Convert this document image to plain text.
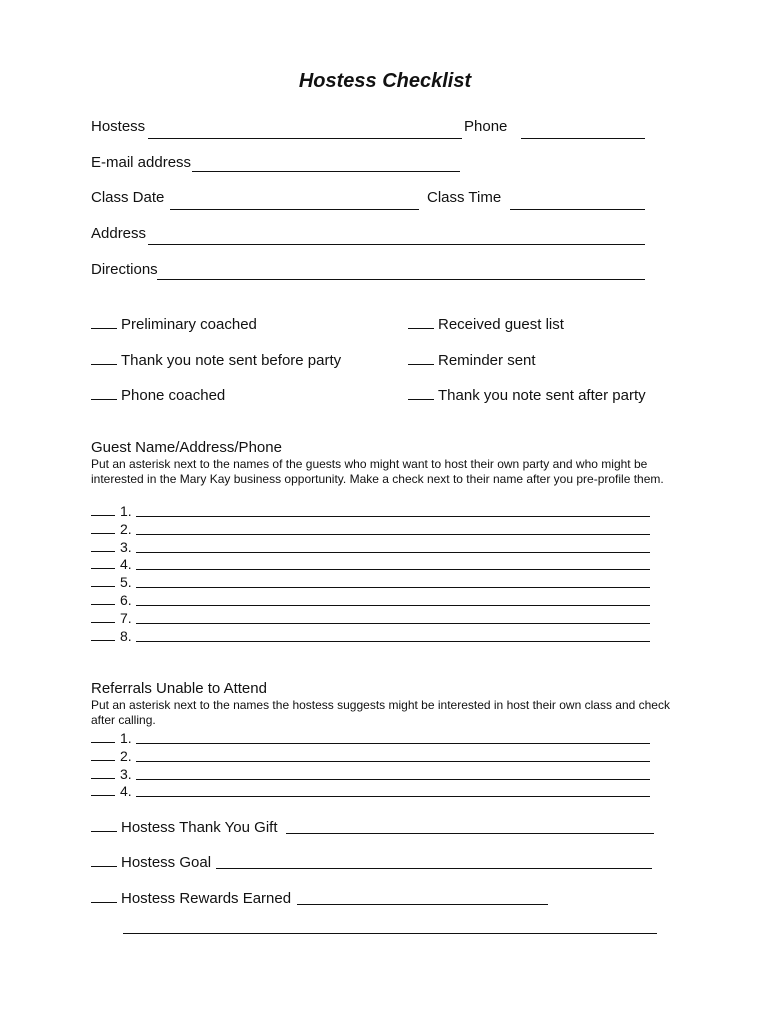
Hostess Checklist
Hostess	Phone
E-mail address
Class Date	Class Time
Address
Directions
Preliminary coached
Thank you note sent before party
Phone coached
Received guest list
Reminder sent
Thank you note sent after party
Guest Name/Address/Phone
Put an asterisk next to the names of the guests who might want to host their own party and who might be interested in the Mary Kay business opportunity. Make a check next to their name after you pre-profile them.
1.
2.
3.
4.
5.
6.
7.
8.
Referrals Unable to Attend
Put an asterisk next to the names the hostess suggests might be interested in host their own class and check after calling.
1.
2.
3.
4.
Hostess Thank You Gift
Hostess Goal
Hostess Rewards Earned
